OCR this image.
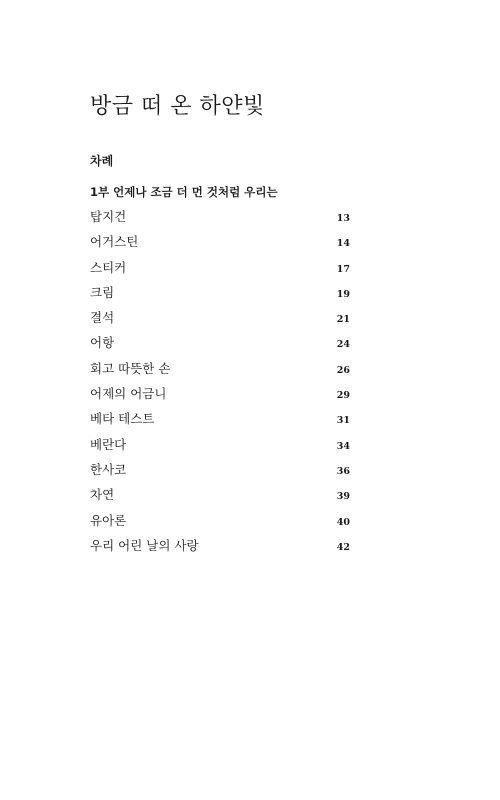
방금 떠 온 하얀빛
차례
1부 언제나 조금 더 먼 것처럼 우리는
탑지건	13
어거스틴	14
스티커	17
크림	19
결석	21
어항	24
회고 따뜻한 손	26
어제의 어금니	29
베타 테스트	31
베란다	34
한사코	36
차연	39
유아론	40
우리 어린 날의 사랑	42
